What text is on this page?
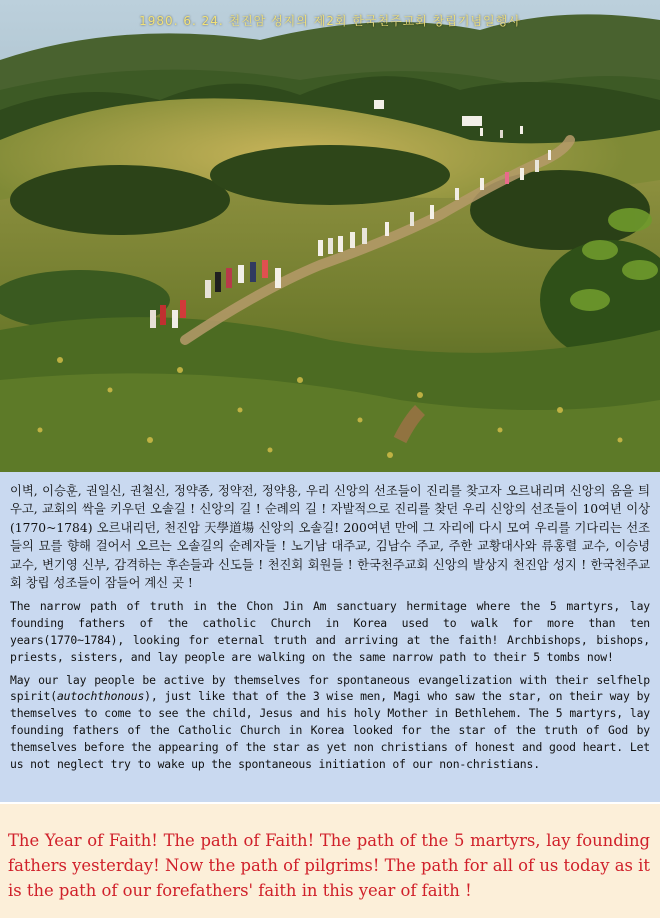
1980. 6. 24. 천진암 성지의 제2회 한국천주교회 창립기념일행사

이벽, 이승훈, 권일신, 권철신, 정약종, 정약전, 정약용, 우리 신앙의 선조들이 진리를 찾고자 오르내리며 신앙의 움을 틔우고, 교회의 싹을 키우던 오솔길 ! 신앙의 길 ! 순례의 길 ! 자발적으로 진리를 찾던 우리 신앙의 선조들이 10여년 이상(1770~1784) 오르내리던, 천진암 天學道場 신앙의 오솔길! 200여년 만에 그 자리에 다시 모여 우리를 기다리는 선조들의 묘를 향해 걸어서 오르는 오솔길의 순례자들 ! 노기남 대주교, 김남수 주교, 주한 교황대사와 류홍렬 교수, 이승녕 교수, 변기영 신부, 감격하는 후손들과 신도들 ! 천진회 회원들 ! 한국천주교회 신앙의 발상지 천진암 성지 ! 한국천주교회 창립 성조들이 잠들어 계신 곳 !

The narrow path of truth in the Chon Jin Am sanctuary hermitage where the 5 martyrs, lay founding fathers of the catholic Church in Korea used to walk for more than ten years(1770~1784), looking for eternal truth and arriving at the faith! Archbishops, bishops, priests, sisters, and lay people are walking on the same narrow path to their 5 tombs now!

May our lay people be active by themselves for spontaneous evangelization with their selfhelp spirit(autochthonous), just like that of the 3 wise men, Magi who saw the star, on their way by themselves to come to see the child, Jesus and his holy Mother in Bethlehem. The 5 martyrs, lay founding fathers of the Catholic Church in Korea looked for the star of the truth of God by themselves before the appearing of the star as yet non christians of honest and good heart. Let us not neglect try to wake up the spontaneous initiation of our non-christians.

The Year of Faith! The path of Faith! The path of the 5 martyrs, lay founding fathers yesterday! Now the path of pilgrims! The path for all of us today as it is the path of our forefathers' faith in this year of faith !
